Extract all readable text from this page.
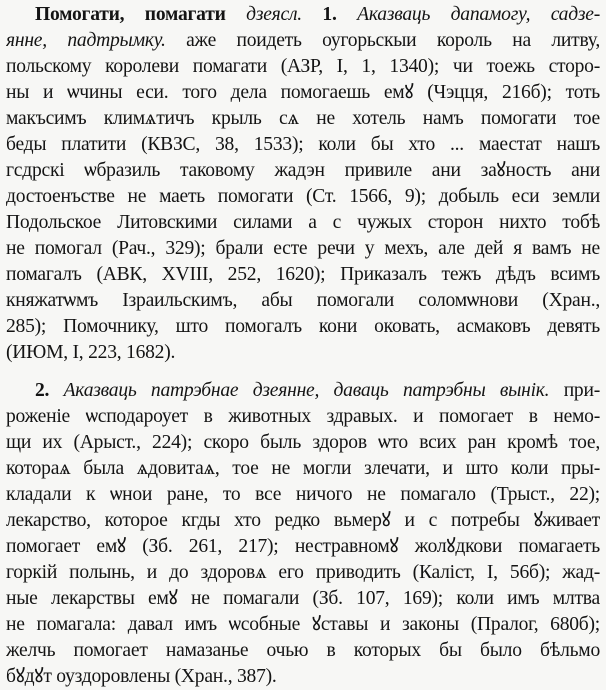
Помогати, помагати дзеясл. 1. Аказваць дапамогу, садзе-
янне, падтрымку. аже поидеть оугорьскыи король на литву,
польскому королеви помагати (АЗР, І, 1, 1340); чи тоежь сторо-
ны и ѡчины еси. того дела помогаешь емꙋ (Чэцця, 216б); тоть
макъсимъ климѧтичъ крыль сѧ не хотель намъ помогати тое
беды платити (КВЗС, 38, 1533); коли бы хто ... маестат нашъ
гсдрскі ѡбразиль таковому жадэн привиле ани заꙋность ани
достоенъстве не маеть помогати (Ст. 1566, 9); добыль еси земли
Подольское Литовскими силами а с чужых сторон нихто тобѣ
не помогал (Рач., 329); брали есте речи у мехъ, але дей я вамъ не
помагалъ (АВК, XVIII, 252, 1620); Приказалъ тежъ дѣдъ всимъ
княжатѡмъ Ізраильскимъ, абы помогали соломѡнови (Хран.,
285); Помочнику, што помогалъ кони оковать, асмаковъ девять
(ИЮМ, І, 223, 1682).
2. Аказваць патрэбнае дзеянне, даваць патрэбны вынік. при-
роженіе ѡсподароует в животных здравых. и помогает в немо-
щи их (Арыст., 224); скоро быль здоров ѡто всих ран кромѣ тое,
котораѧ была ѧдовитаѧ, тое не могли злечати, и што коли пры-
кладали к ѡнои ране, то все ничого не помагало (Трыст., 22);
лекарство, которое кгды хто редко вьмерꙋ и с потребы ꙋживает
помогает емꙋ (Зб. 261, 217); нестравномꙋ жолꙋдкови помагаеть
горкій полынь, и до здоровѧ его приводить (Каліст, І, 56б); жад-
ные лекарствы емꙋ не помагали (Зб. 107, 169); коли имъ млтва
не помагала: давал имъ ѡсобные ꙋставы и законы (Пралог, 680б);
желчь помогает намазанье очью в которых бы было бѣльмо
бꙋдꙋт оуздоровлены (Хран., 387).
